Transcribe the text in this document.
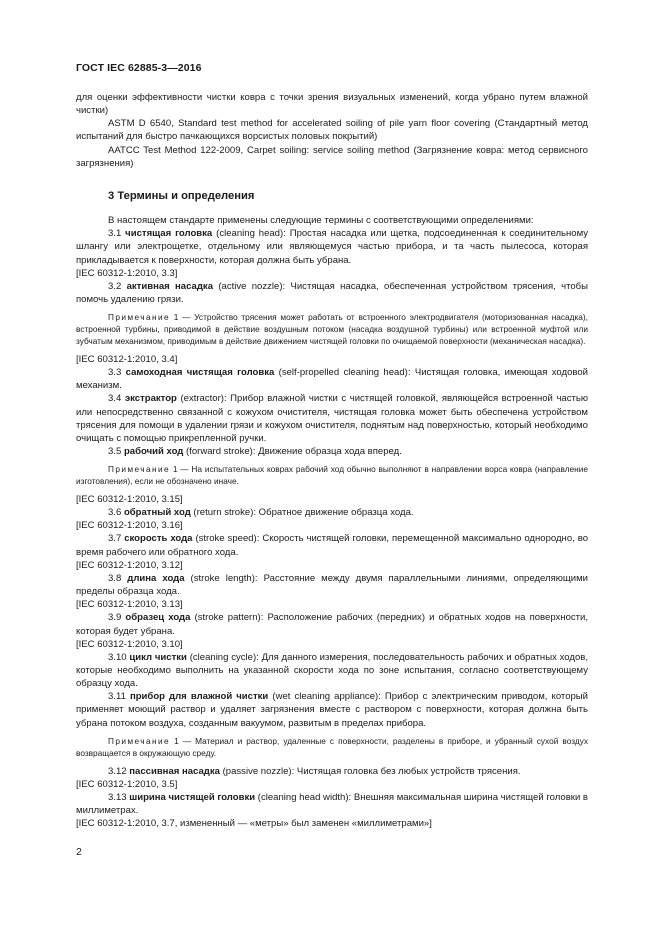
ГОСТ IEC 62885-3—2016

для оценки эффективности чистки ковра с точки зрения визуальных изменений, когда убрано путем влажной чистки)

ASTM D 6540, Standard test method for accelerated soiling of pile yarn floor covering (Стандартный метод испытаний для быстро пачкающихся ворсистых половых покрытий)

AATCC Test Method 122-2009, Carpet soiling: service soiling method (Загрязнение ковра: метод сервисного загрязнения)

3 Термины и определения

В настоящем стандарте применены следующие термины с соответствующими определениями:

3.1 чистящая головка (cleaning head): Простая насадка или щетка, подсоединенная к соединительному шлангу или электрощетке, отдельному или являющемуся частью прибора, и та часть пылесоса, которая прикладывается к поверхности, которая должна быть убрана.

[IEC 60312-1:2010, 3.3]

3.2 активная насадка (active nozzle): Чистящая насадка, обеспеченная устройством трясения, чтобы помочь удалению грязи.

Примечание 1 — Устройство трясения может работать от встроенного электродвигателя (моторизованная насадка), встроенной турбины, приводимой в действие воздушным потоком (насадка воздушной турбины) или встроенной муфтой или зубчатым механизмом, приводимым в действие движением чистящей головки по очищаемой поверхности (механическая насадка).

[IEC 60312-1:2010, 3.4]

3.3 самоходная чистящая головка (self-propelled cleaning head): Чистящая головка, имеющая ходовой механизм.

3.4 экстрактор (extractor): Прибор влажной чистки с чистящей головкой, являющейся встроенной частью или непосредственно связанной с кожухом очистителя, чистящая головка может быть обеспечена устройством трясения для помощи в удалении грязи и кожухом очистителя, поднятым над поверхностью, который необходимо очищать с помощью прикрепленной ручки.

3.5 рабочий ход (forward stroke): Движение образца хода вперед.

Примечание 1 — На испытательных коврах рабочий ход обычно выполняют в направлении ворса ковра (направление изготовления), если не обозначено иначе.

[IEC 60312-1:2010, 3.15]

3.6 обратный ход (return stroke): Обратное движение образца хода.

[IEC 60312-1:2010, 3.16]

3.7 скорость хода (stroke speed): Скорость чистящей головки, перемещенной максимально однородно, во время рабочего или обратного хода.

[IEC 60312-1:2010, 3.12]

3.8 длина хода (stroke length): Расстояние между двумя параллельными линиями, определяющими пределы образца хода.

[IEC 60312-1:2010, 3.13]

3.9 образец хода (stroke pattern): Расположение рабочих (передних) и обратных ходов на поверхности, которая будет убрана.

[IEC 60312-1:2010, 3.10]

3.10 цикл чистки (cleaning cycle): Для данного измерения, последовательность рабочих и обратных ходов, которые необходимо выполнить на указанной скорости хода по зоне испытания, согласно соответствующему образцу хода.

3.11 прибор для влажной чистки (wet cleaning appliance): Прибор с электрическим приводом, который применяет моющий раствор и удаляет загрязнения вместе с раствором с поверхности, которая должна быть убрана потоком воздуха, созданным вакуумом, развитым в пределах прибора.

Примечание 1 — Материал и раствор, удаленные с поверхности, разделены в приборе, и убранный сухой воздух возвращается в окружающую среду.

3.12 пассивная насадка (passive nozzle): Чистящая головка без любых устройств трясения.

[IEC 60312-1:2010, 3.5]

3.13 ширина чистящей головки (cleaning head width): Внешняя максимальная ширина чистящей головки в миллиметрах.

[IEC 60312-1:2010, 3.7, измененный — «метры» был заменен «миллиметрами»]

2
